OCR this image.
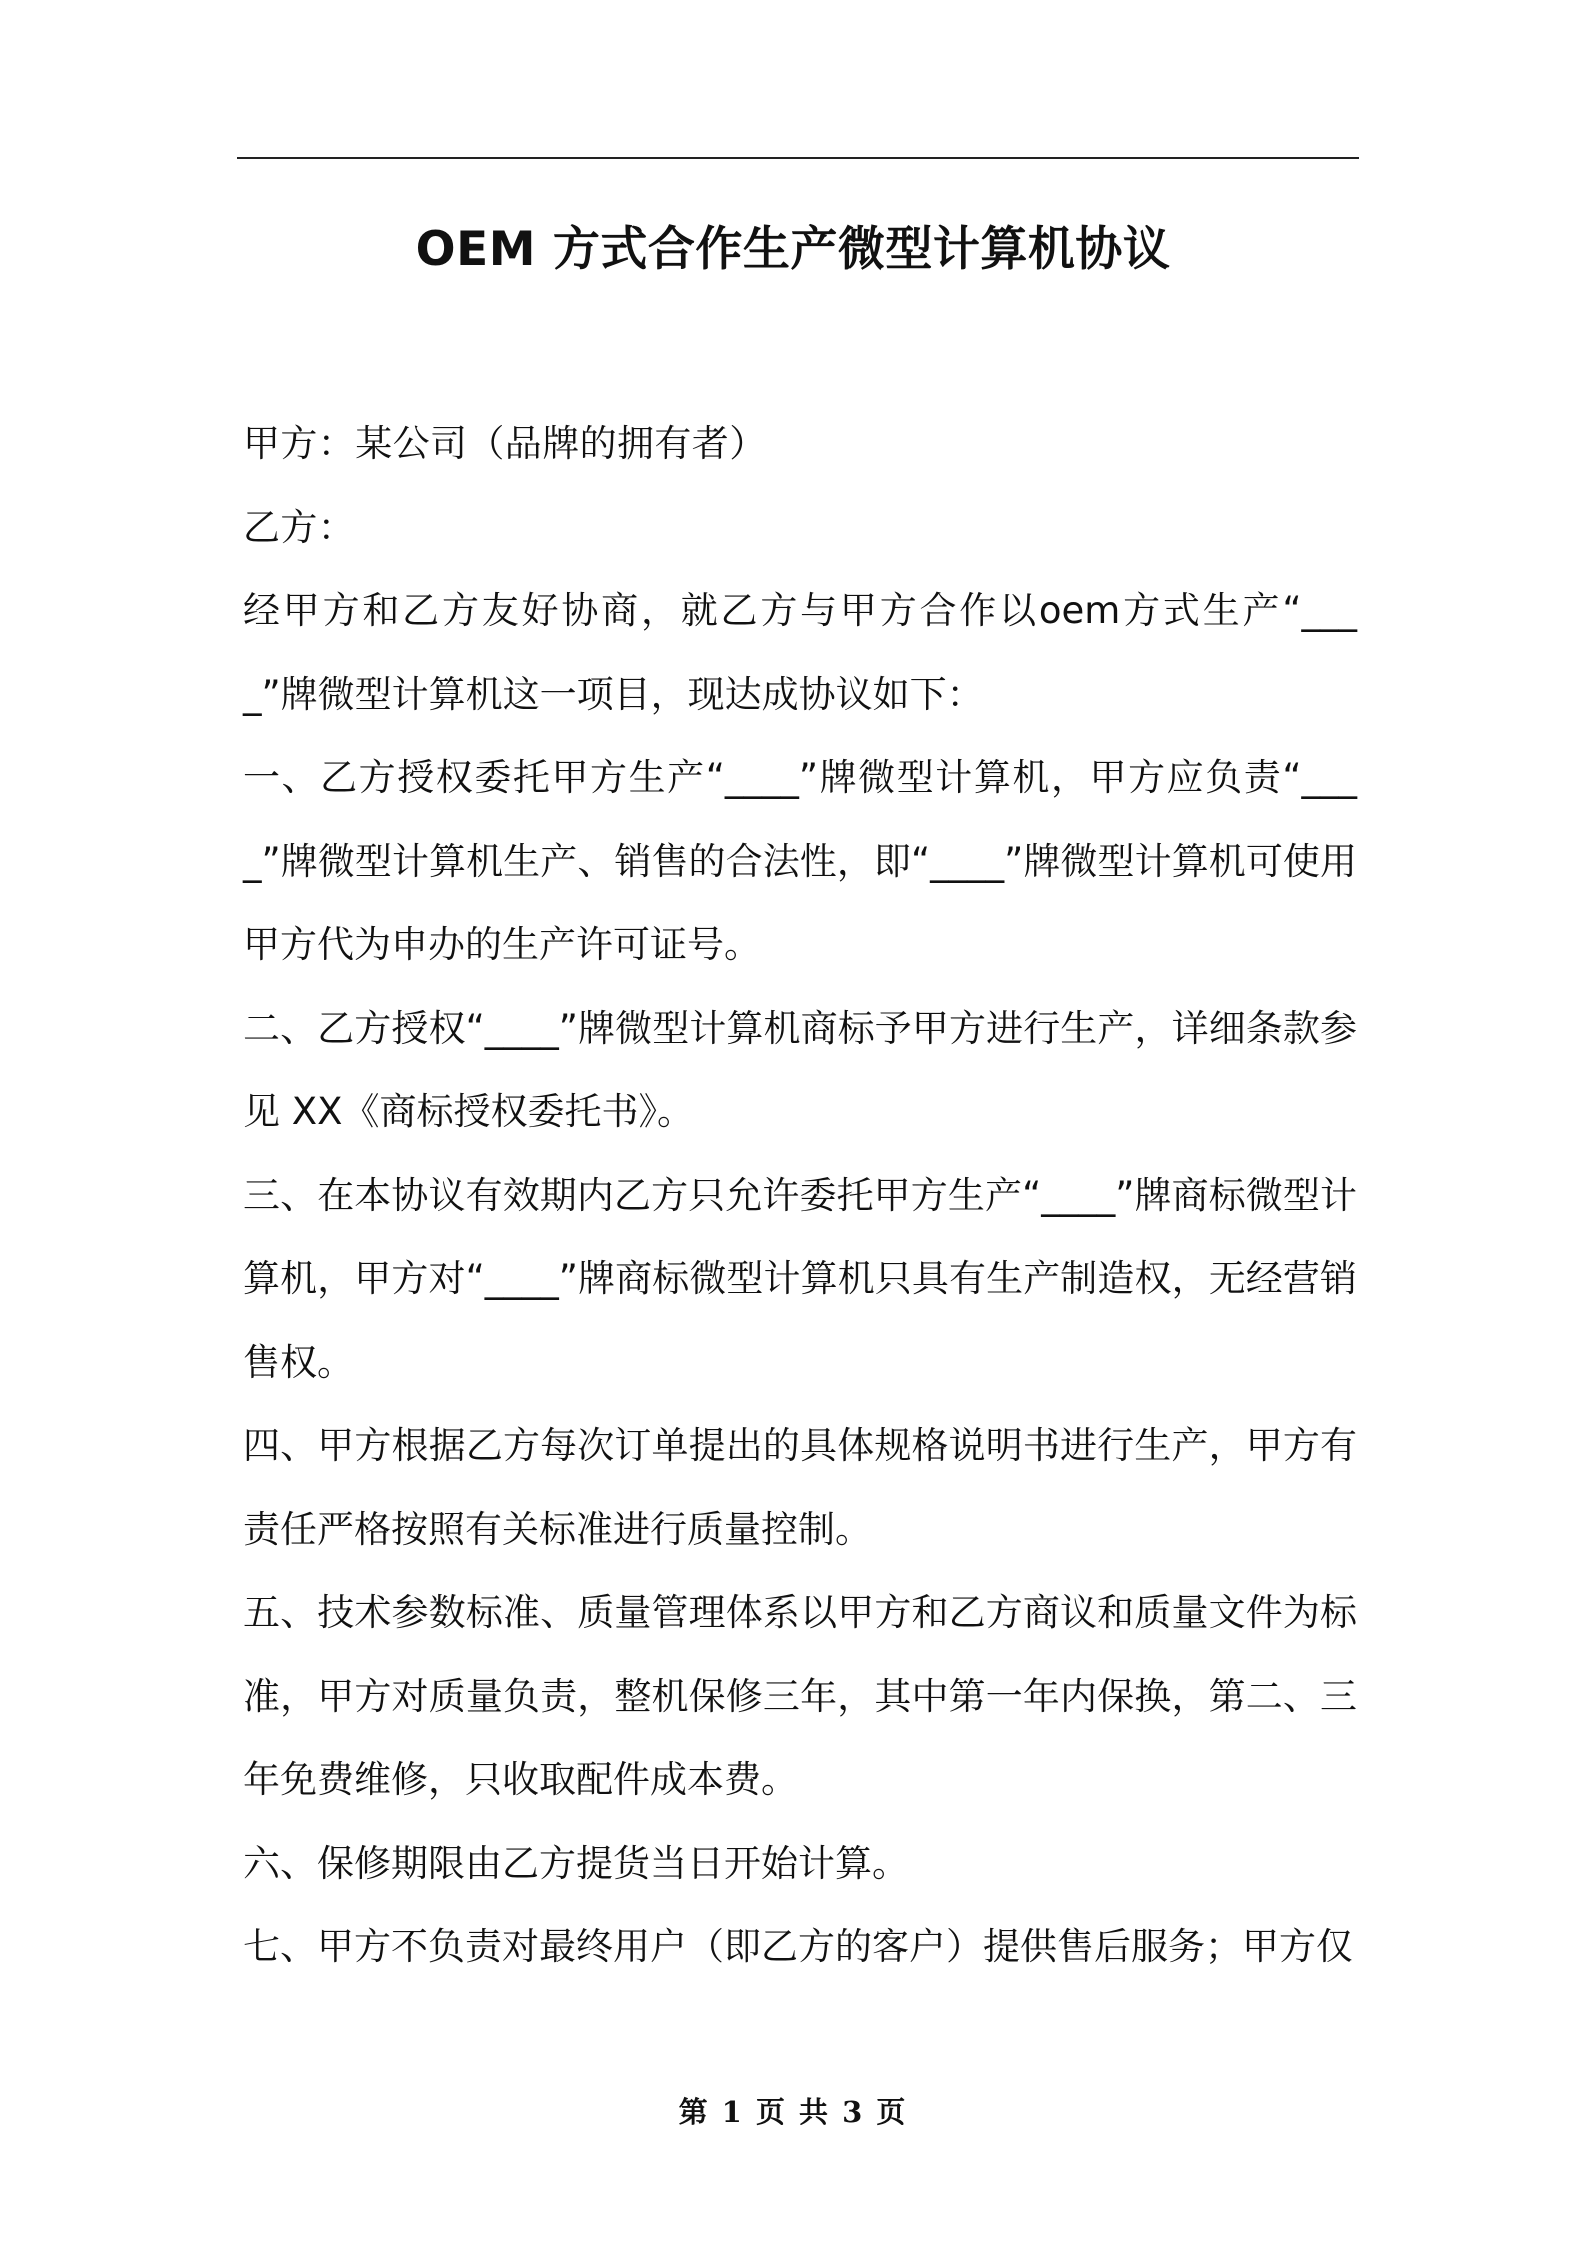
OEM 方式合作生产微型计算机协议

甲方：某公司（品牌的拥有者）

乙方：

经甲方和乙方友好协商，就乙方与甲方合作以oem方式生产“____”牌微型计算机这一项目，现达成协议如下：

一、乙方授权委托甲方生产“____”牌微型计算机，甲方应负责“____”牌微型计算机生产、销售的合法性，即“____”牌微型计算机可使用甲方代为申办的生产许可证号。

二、乙方授权“____”牌微型计算机商标予甲方进行生产，详细条款参见 XX《商标授权委托书》。

三、在本协议有效期内乙方只允许委托甲方生产“____”牌商标微型计算机，甲方对“____”牌商标微型计算机只具有生产制造权，无经营销售权。

四、甲方根据乙方每次订单提出的具体规格说明书进行生产，甲方有责任严格按照有关标准进行质量控制。

五、技术参数标准、质量管理体系以甲方和乙方商议和质量文件为标准，甲方对质量负责，整机保修三年，其中第一年内保换，第二、三年免费维修，只收取配件成本费。

六、保修期限由乙方提货当日开始计算。

七、甲方不负责对最终用户（即乙方的客户）提供售后服务；甲方仅

第 1 页 共 3 页
